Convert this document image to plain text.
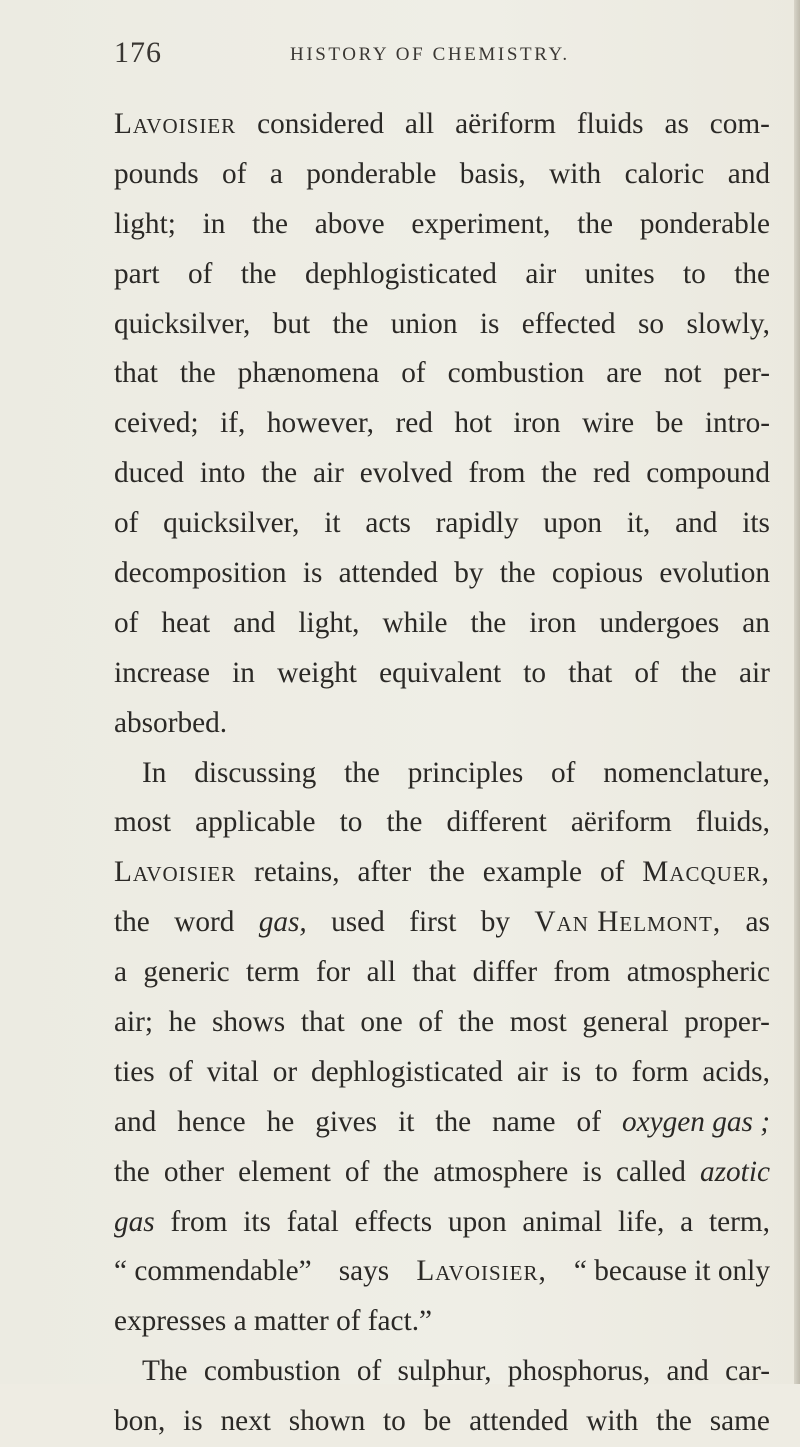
176	HISTORY OF CHEMISTRY.
Lavoisier considered all aëriform fluids as com-
pounds of a ponderable basis, with caloric and
light; in the above experiment, the ponderable
part of the dephlogisticated air unites to the
quicksilver, but the union is effected so slowly,
that the phænomena of combustion are not per-
ceived; if, however, red hot iron wire be intro-
duced into the air evolved from the red compound
of quicksilver, it acts rapidly upon it, and its
decomposition is attended by the copious evolution
of heat and light, while the iron undergoes an
increase in weight equivalent to that of the air
absorbed.
In discussing the principles of nomenclature,
most applicable to the different aëriform fluids,
Lavoisier retains, after the example of Macquer,
the word gas, used first by Van Helmont, as
a generic term for all that differ from atmospheric
air; he shows that one of the most general proper-
ties of vital or dephlogisticated air is to form acids,
and hence he gives it the name of oxygen gas ;
the other element of the atmosphere is called azotic
gas from its fatal effects upon animal life, a term,
“ commendable” says Lavoisier, “ because it only
expresses a matter of fact.”
The combustion of sulphur, phosphorus, and car-
bon, is next shown to be attended with the same
